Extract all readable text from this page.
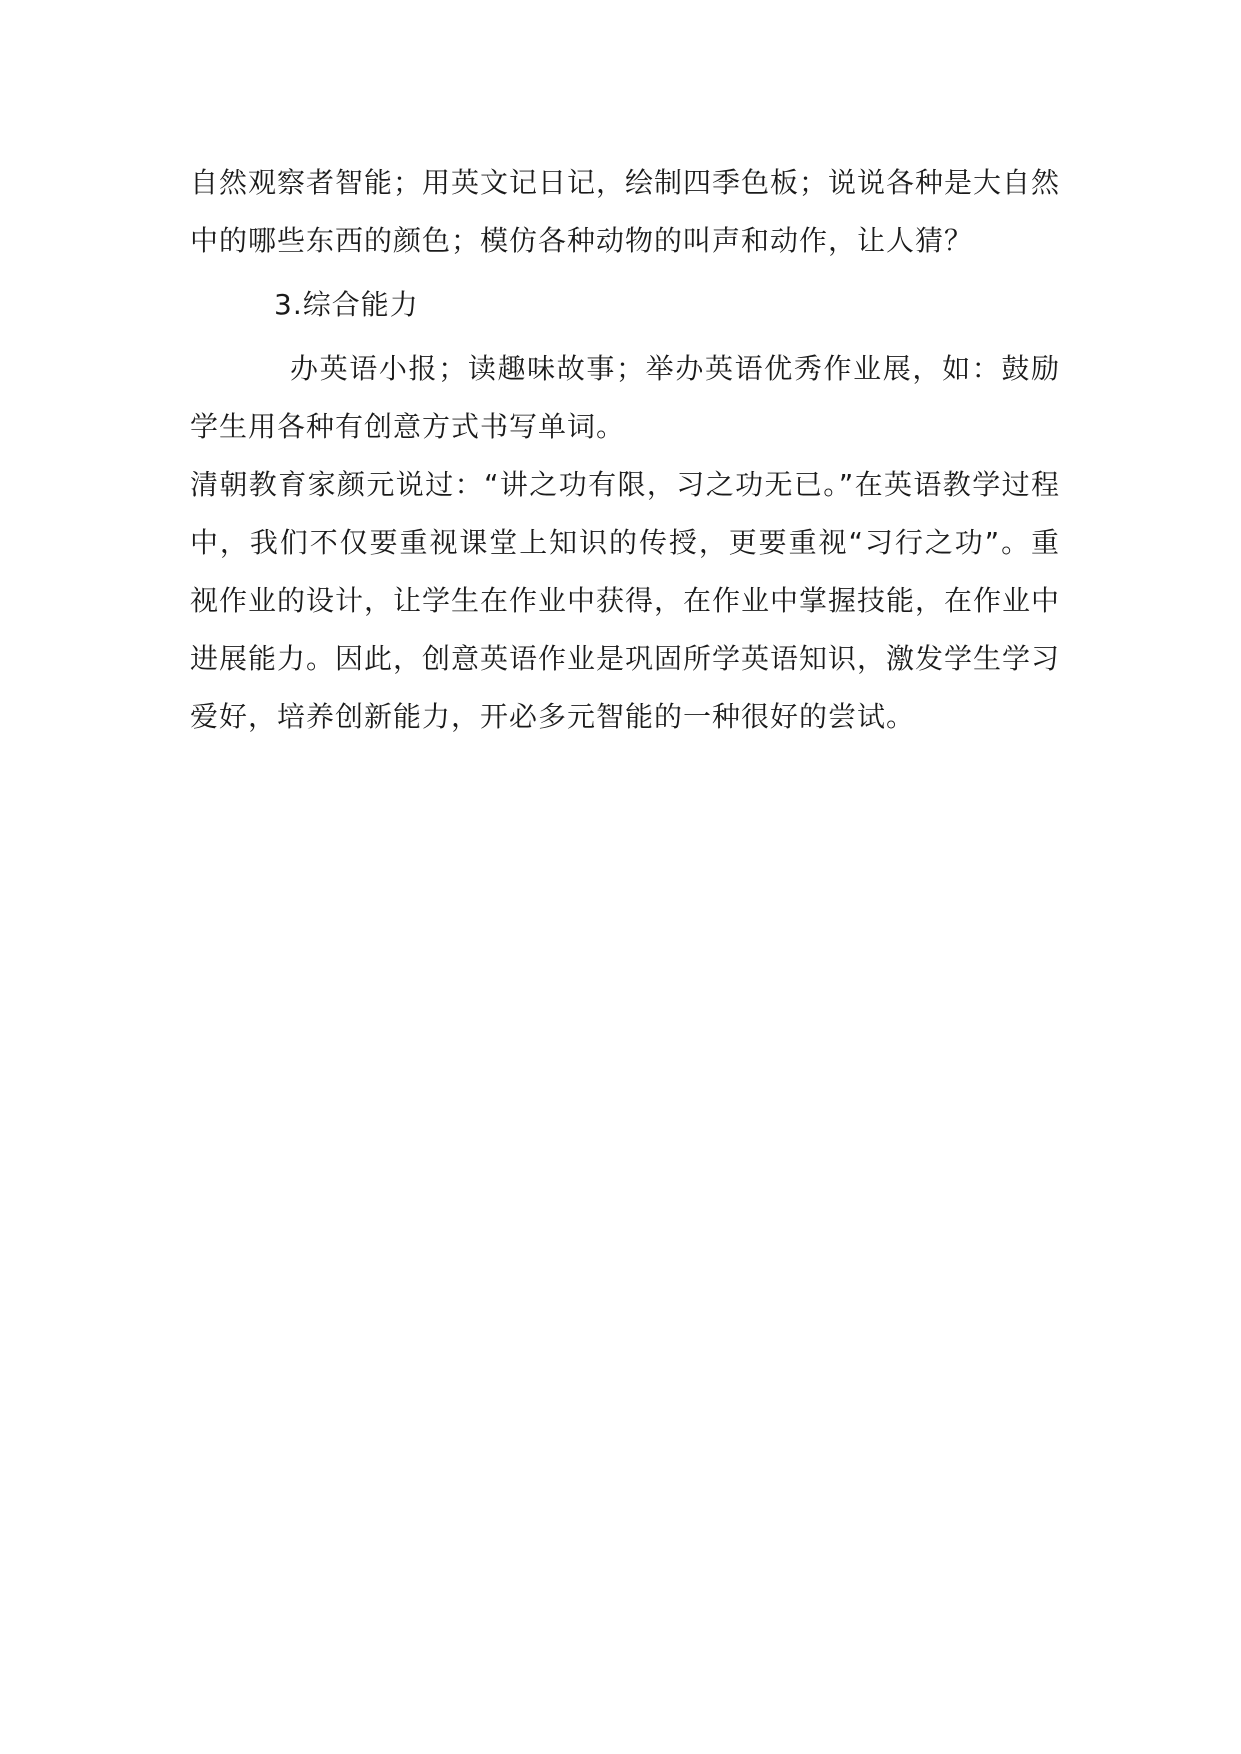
自然观察者智能；用英文记日记，绘制四季色板；说说各种是大自然中的哪些东西的颜色；模仿各种动物的叫声和动作，让人猜？

3.综合能力

办英语小报；读趣味故事；举办英语优秀作业展，如：鼓励学生用各种有创意方式书写单词。

清朝教育家颜元说过：“讲之功有限，习之功无已。”在英语教学过程中，我们不仅要重视课堂上知识的传授，更要重视“习行之功”。重视作业的设计，让学生在作业中获得，在作业中掌握技能，在作业中进展能力。因此，创意英语作业是巩固所学英语知识，激发学生学习爱好，培养创新能力，开必多元智能的一种很好的尝试。
